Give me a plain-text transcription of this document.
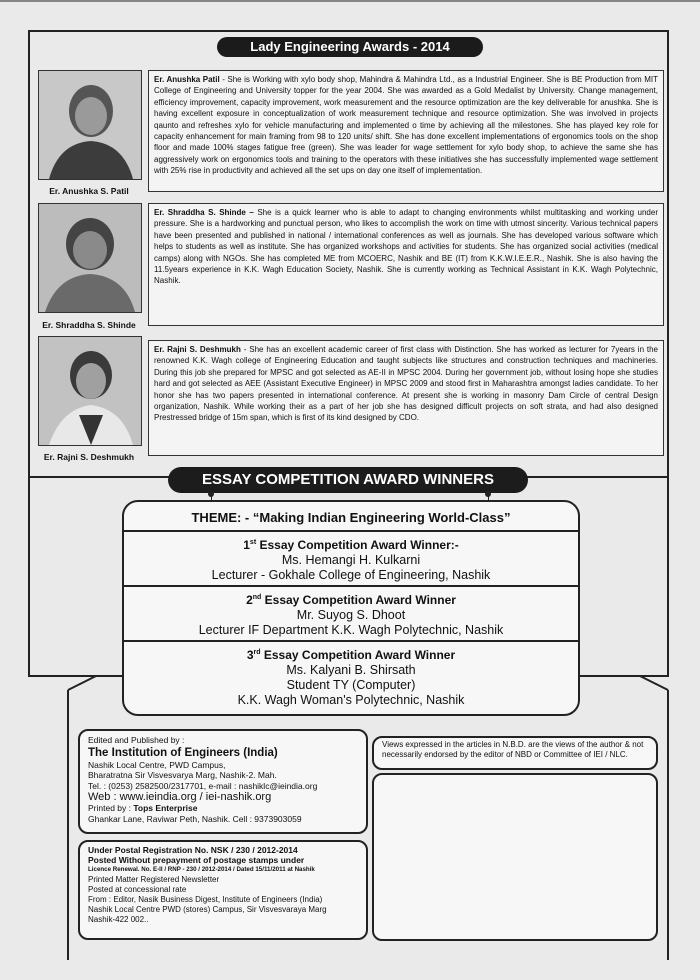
Lady Engineering Awards - 2014
Er. Anushka S. Patil
Er. Anushka Patil - She is Working with xylo body shop, Mahindra & Mahindra Ltd., as a Industrial Engineer. She is BE Production from MIT College of Engineering and University topper for the year 2004. She was awarded as a Gold Medalist by University. Change management, efficiency improvement, capacity improvement, work measurement and the resource optimization are the key deliverable for anushka. She is having excellent exposure in conceptualization of work measurement technique and resource optimization. She was involved in projects qaunto and refreshes xylo for vehicle manufacturing and implemented o time by achieving all the milestones. She has played key role for capacity enhancement for main framing from 98 to 120 units/ shift. She has done excellent implementations of ergonomics tools on the shop floor and made 100% stages fatigue free (green). She was leader for wage settlement for xylo body shop, to achieve the same she has aggressively work on ergonomics tools and training to the operators with these initiatives she has successfully implemented wage settlement with 25% rise in productivity and achieved all the set ups on day one itself of implementation.
Er. Shraddha S. Shinde
Er. Shraddha S. Shinde – She is a quick learner who is able to adapt to changing environments whilst multitasking and working under pressure. She is a hardworking and punctual person, who likes to accomplish the work on time with utmost sincerity. Various technical papers have been presented and published in national / international conferences as well as journals. She has developed various software which helps to students as well as institute. She has organized workshops and activities for students. She has organized social activities (medical camps) along with NGOs. She has completed ME from MCOERC, Nashik and BE (IT) from K.K.W.I.E.E.R., Nashik. She is also having the 11.5years experience in K.K. Wagh Education Society, Nashik. She is currently working as Technical Assistant in K.K. Wagh Polytechnic, Nashik.
Er. Rajni S. Deshmukh
Er. Rajni S. Deshmukh - She has an excellent academic career of first class with Distinction. She has worked as lecturer for 7years in the renowned K.K. Wagh college of Engineering Education and taught subjects like structures and construction techniques and machineries. During this job she prepared for MPSC and got selected as AE-II in MPSC 2004. During her government job, without losing hope she studies hard and got selected as AEE (Assistant Executive Engineer) in MPSC 2009 and stood first in Maharashtra amongst ladies candidate. To her honor she has two papers presented in international conference. At present she is working in masonry Dam Circle of central Design organization, Nashik. While working their as a part of her job she has designed difficult projects on soft strata, and had also designed Prestressed bridge of 15m span, which is first of its kind designed by CDO.
ESSAY COMPETITION AWARD WINNERS
THEME: - “Making Indian Engineering World-Class”
1st Essay Competition Award Winner:-
Ms. Hemangi H. Kulkarni
Lecturer - Gokhale College of Engineering, Nashik
2nd Essay Competition Award Winner
Mr. Suyog S. Dhoot
Lecturer IF Department K.K. Wagh Polytechnic, Nashik
3rd Essay Competition Award Winner
Ms. Kalyani B. Shirsath
Student TY (Computer)
K.K. Wagh Woman's Polytechnic, Nashik
Edited and Published by :
The Institution of Engineers (India)
Nashik Local Centre, PWD Campus,
Bharatratna Sir Visvesvarya Marg, Nashik-2. Mah.
Tel. : (0253) 2582500/2317701, e-mail : nashiklc@ieindia.org
Web : www.ieindia.org / iei-nashik.org
Printed by : Tops Enterprise
Ghankar Lane, Raviwar Peth, Nashik. Cell : 9373903059
Views expressed in the articles in N.B.D. are the views of the author & not necessarily endorsed by the editor of NBD or Committee of IEI / NLC.
Under Postal Registration No. NSK / 230 / 2012-2014
Posted Without prepayment of postage stamps under
Licence Renewal. No. E-II / RNP - 230 / 2012-2014 / Dated 15/11/2011 at Nashik
Printed Matter Registered Newsletter
Posted at concessional rate
From : Editor, Nasik Business Digest, Institute of Engineers (India)
Nashik Local Centre PWD (stores) Campus, Sir Visvesvaraya Marg
Nashik-422 002..
